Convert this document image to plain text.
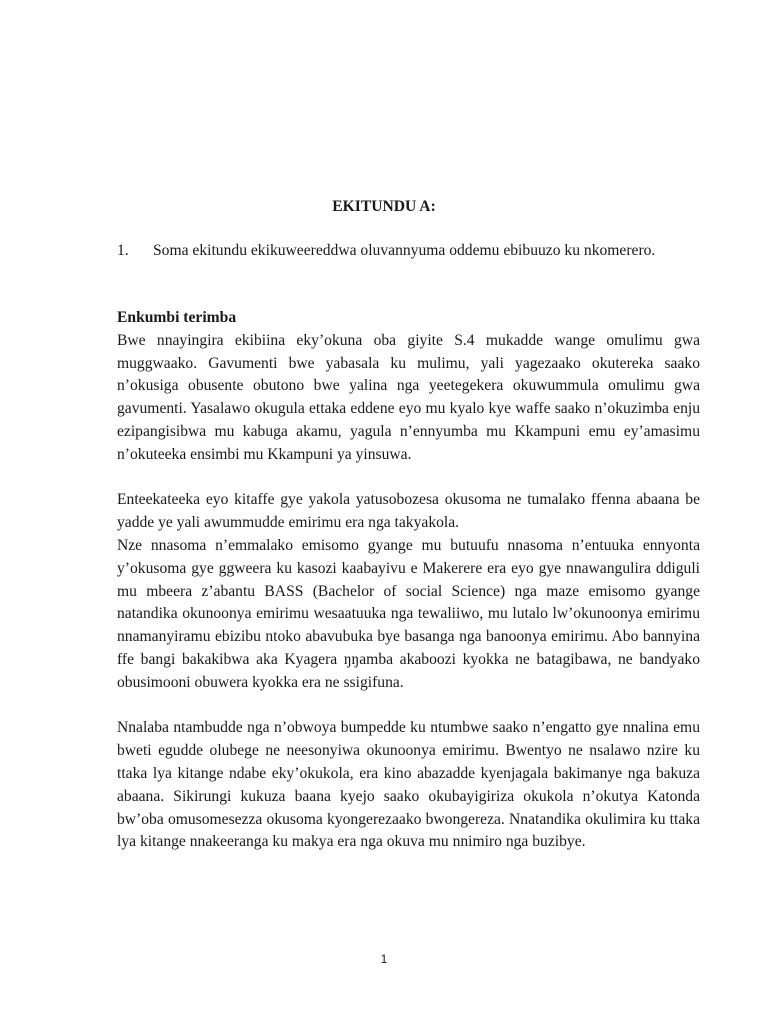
EKITUNDU A:
1. Soma ekitundu ekikuweereddwa oluvannyuma oddemu ebibuuzo ku nkomerero.

Enkumbi terimba

Bwe nnayingira ekibiina eky’okuna oba giyite S.4 mukadde wange omulimu gwa muggwaako. Gavumenti bwe yabasala ku mulimu, yali yagezaako okutereka saako n’okusiga obusente obutono bwe yalina nga yeetegekera okuwummula omulimu gwa gavumenti. Yasalawo okugula ettaka eddene eyo mu kyalo kye waffe saako n’okuzimba enju ezipangisibwa mu kabuga akamu, yagula n’ennyumba mu Kkampuni emu ey’amasimu n’okuteeka ensimbi mu Kkampuni ya yinsuwa.

Enteekateeka eyo kitaffe gye yakola yatusobozesa okusoma ne tumalako ffenna abaana be yadde ye yali awummudde emirimu era nga takyakola.

Nze nnasoma n’emmalako emisomo gyange mu butuufu nnasoma n’entuuka ennyonta y’okusoma gye ggweera ku kasozi kaabayivu e Makerere era eyo gye nnawangulira ddiguli mu mbeera z’abantu BASS (Bachelor of social Science) nga maze emisomo gyange natandika okunoonya emirimu wesaatuuka nga tewaliiwo, mu lutalo lw’okunoonya emirimu nnamanyiramu ebizibu ntoko abavubuka bye basanga nga banoonya emirimu. Abo bannyina ffe bangi bakakibwa aka Kyagera ŋŋamba akaboozi kyokka ne batagibawa, ne bandyako obusimooni obuwera kyokka era ne ssigifuna.

Nnalaba ntambudde nga n’obwoya bumpedde ku ntumbwe saako n’engatto gye nnalina emu bweti egudde olubege ne neesonyiwa okunoonya emirimu. Bwentyo ne nsalawo nzire ku ttaka lya kitange ndabe eky’okukola, era kino abazadde kyenjagala bakimanye nga bakuza abaana. Sikirungi kukuza baana kyejo saako okubayigiriza okukola n’okutya Katonda bw’oba omusomesezza okusoma kyongerezaako bwongereza. Nnatandika okulimira ku ttaka lya kitange nnakeeranga ku makya era nga okuva mu nnimiro nga buzibye.

1
